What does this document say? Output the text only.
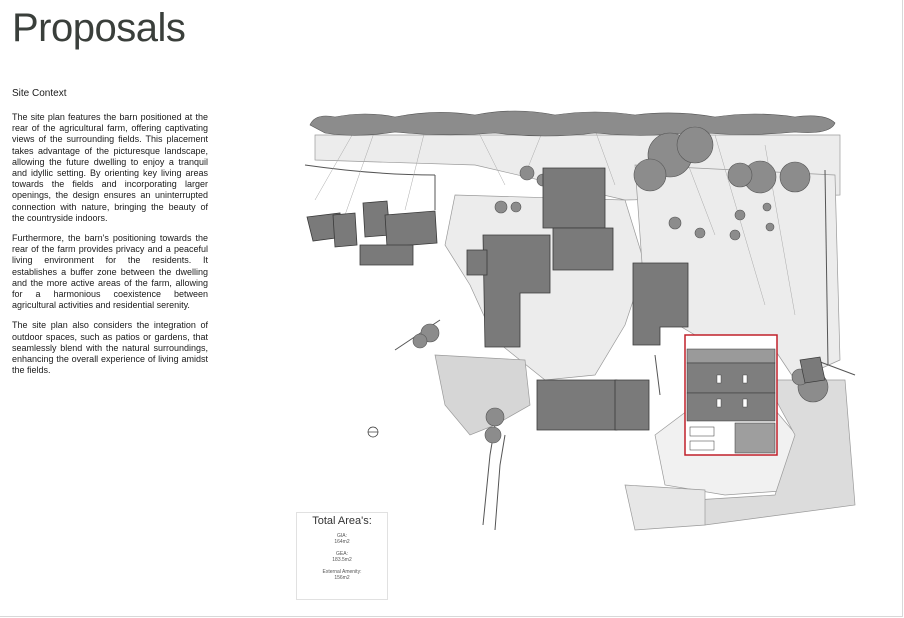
Proposals
Site Context

The site plan features the barn positioned at the rear of the agricultural farm, offering captivating views of the surrounding fields. This placement takes advantage of the picturesque landscape, allowing the future dwelling to enjoy a tranquil and idyllic setting. By orienting key living areas towards the fields and incorporating larger openings, the design ensures an uninterrupted connection with nature, bringing the beauty of the countryside indoors.

Furthermore, the barn's positioning towards the rear of the farm provides privacy and a peaceful living environment for the residents. It establishes a buffer zone between the dwelling and the more active areas of the farm, allowing for a harmonious coexistence between agricultural activities and residential serenity.

The site plan also considers the integration of outdoor spaces, such as patios or gardens, that seamlessly blend with the natural surroundings, enhancing the overall experience of living amidst the fields.

Total Area's:
GIA:
164m2
GEA:
183.5m2
External Amenity:
156m2
